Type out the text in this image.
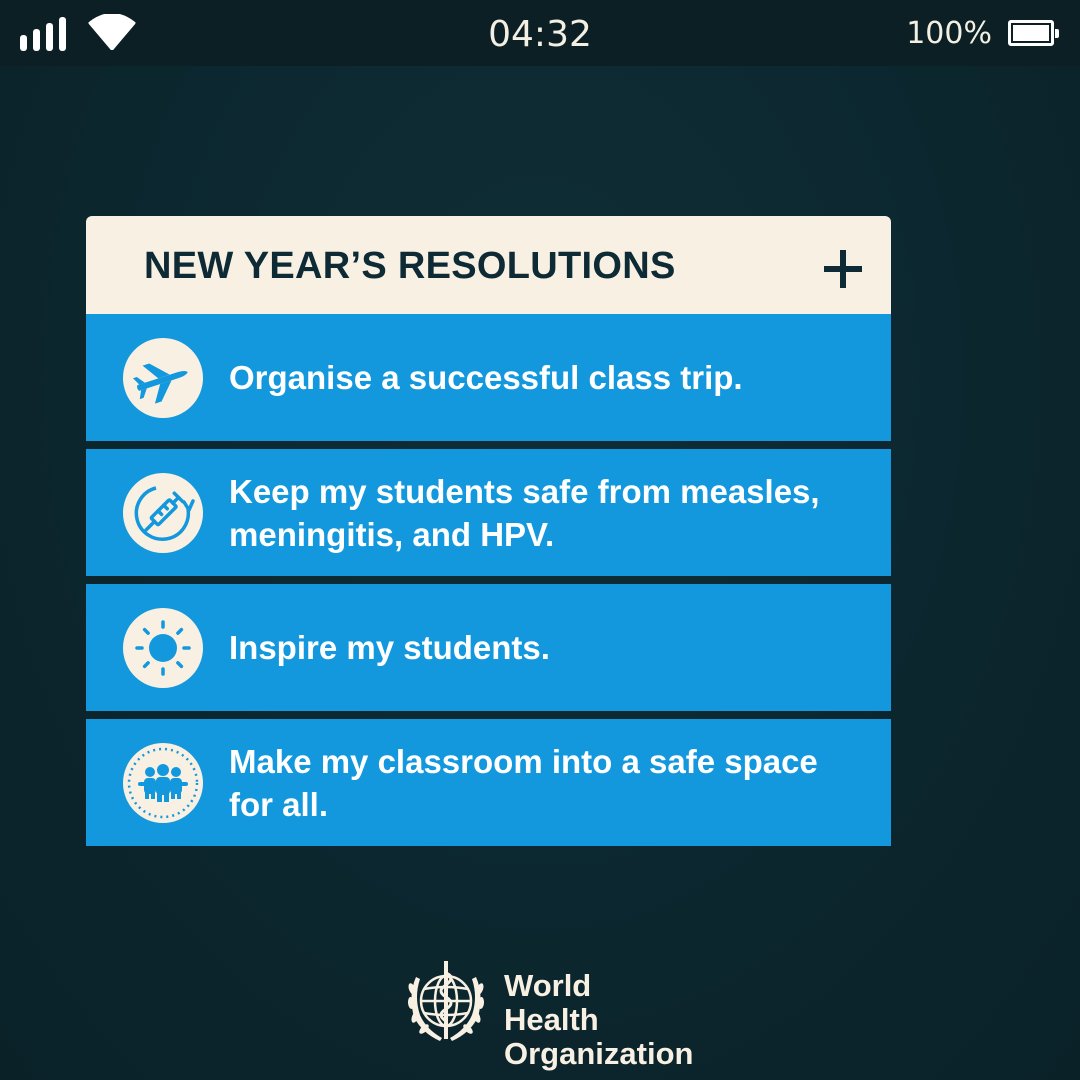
04:32	100%
NEW YEAR’S RESOLUTIONS
Organise a successful class trip.
Keep my students safe from measles, meningitis, and HPV.
Inspire my students.
Make my classroom into a safe space for all.
World Health Organization
